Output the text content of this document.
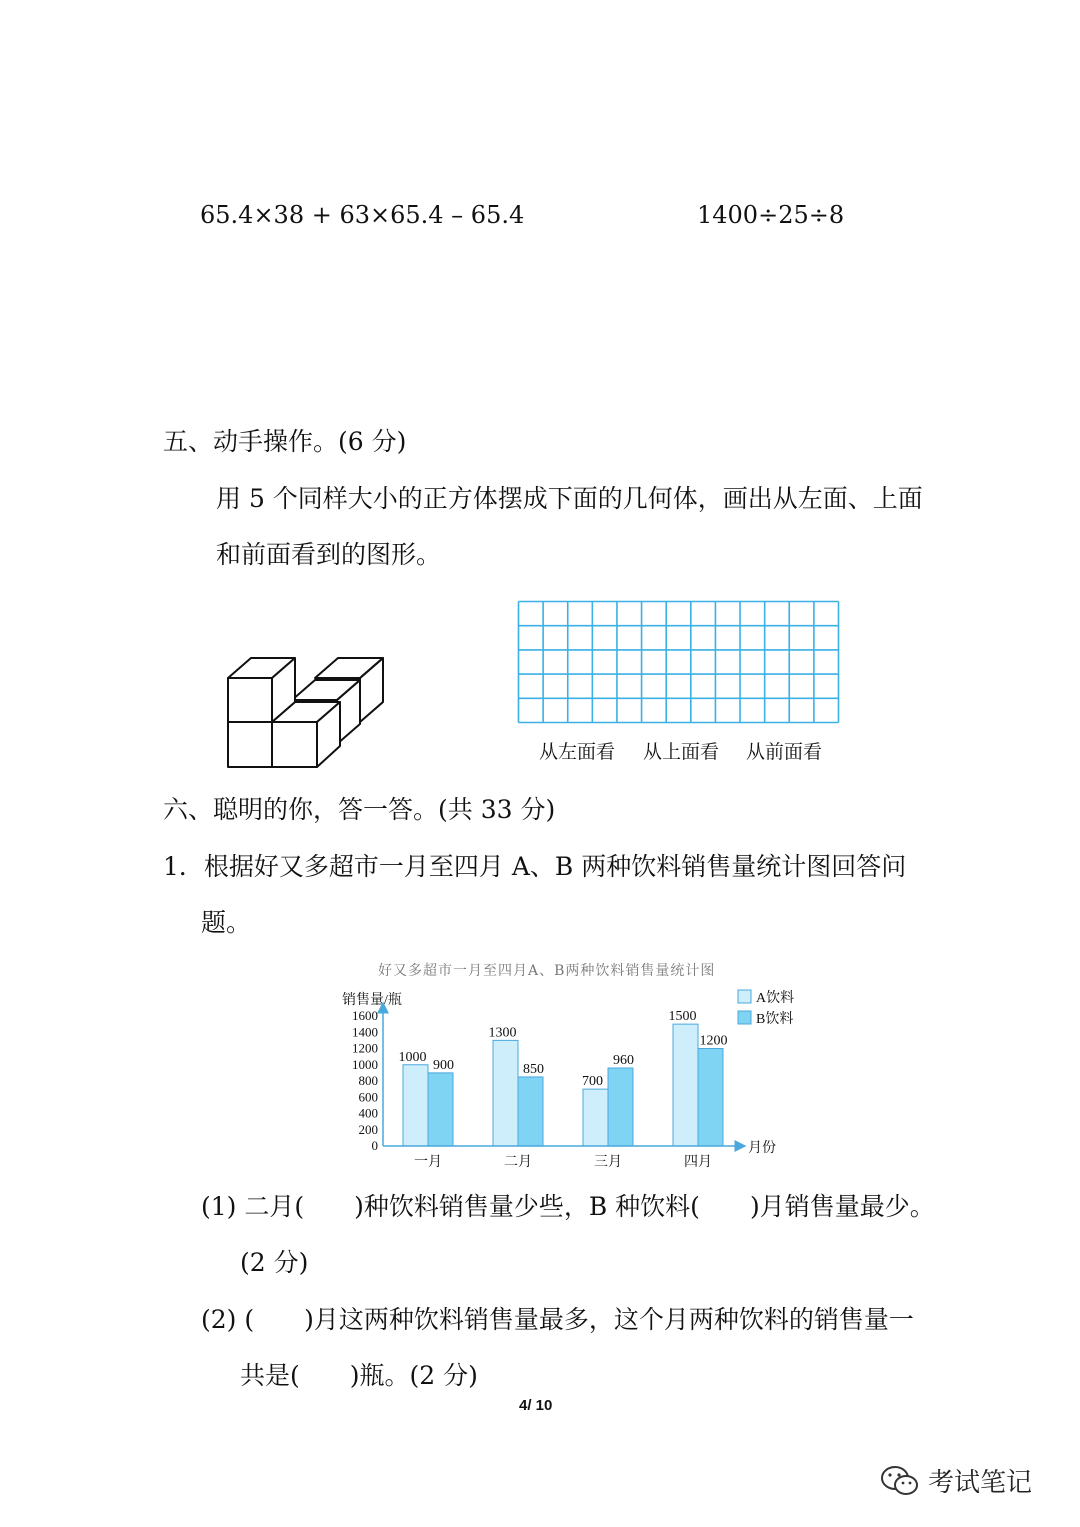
65.4×38 + 63×65.4 – 65.4	1400÷25÷8
五、动手操作。(6 分)
用 5 个同样大小的正方体摆成下面的几何体，画出从左面、上面
和前面看到的图形。
从左面看 从上面看 从前面看
六、聪明的你，答一答。(共 33 分)
1．根据好又多超市一月至四月 A、B 两种饮料销售量统计图回答问
题。
好又多超市一月至四月A、B两种饮料销售量统计图
销售量/瓶
0
200
400
600
800
1000
1200
1400
1600
1000
900
1300
850
700
960
1500
1200
一月	二月	三月	四月
月份
A饮料
B饮料
(1) 二月(　　)种饮料销售量少些，B 种饮料(　　)月销售量最少。
(2 分)
(2) (　　)月这两种饮料销售量最多，这个月两种饮料的销售量一
共是(　　)瓶。(2 分)
4/ 10
考试笔记
